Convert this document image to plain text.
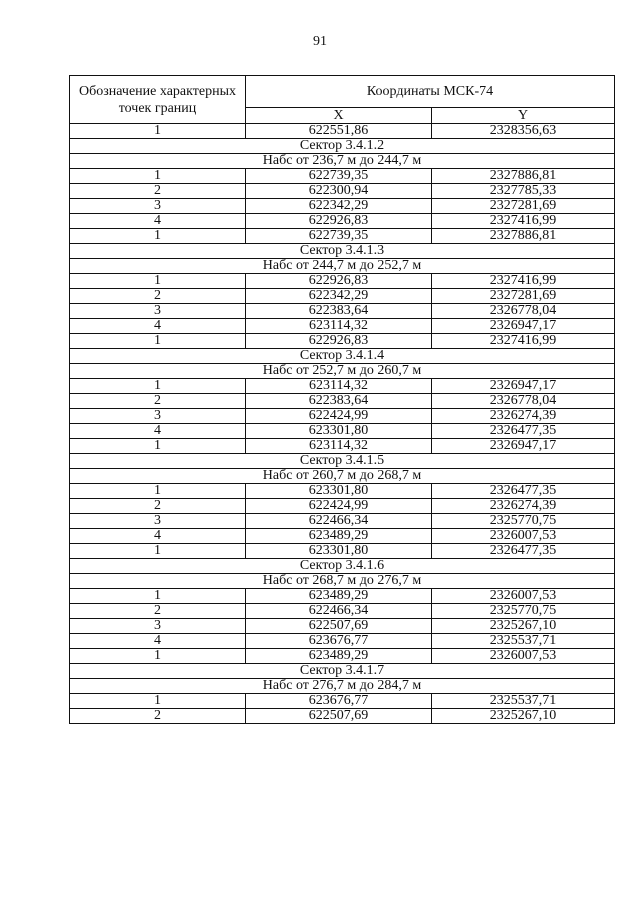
91
Обозначение характерных точек границ	Координаты МСК-74	
	X	Y
1	622551,86	2328356,63
Сектор 3.4.1.2		
Набс от 236,7 м до 244,7 м		
1	622739,35	2327886,81
2	622300,94	2327785,33
3	622342,29	2327281,69
4	622926,83	2327416,99
1	622739,35	2327886,81
Сектор 3.4.1.3		
Набс от 244,7 м до 252,7 м		
1	622926,83	2327416,99
2	622342,29	2327281,69
3	622383,64	2326778,04
4	623114,32	2326947,17
1	622926,83	2327416,99
Сектор 3.4.1.4		
Набс от 252,7 м до 260,7 м		
1	623114,32	2326947,17
2	622383,64	2326778,04
3	622424,99	2326274,39
4	623301,80	2326477,35
1	623114,32	2326947,17
Сектор 3.4.1.5		
Набс от 260,7 м до 268,7 м		
1	623301,80	2326477,35
2	622424,99	2326274,39
3	622466,34	2325770,75
4	623489,29	2326007,53
1	623301,80	2326477,35
Сектор 3.4.1.6		
Набс от 268,7 м до 276,7 м		
1	623489,29	2326007,53
2	622466,34	2325770,75
3	622507,69	2325267,10
4	623676,77	2325537,71
1	623489,29	2326007,53
Сектор 3.4.1.7		
Набс от 276,7 м до 284,7 м		
1	623676,77	2325537,71
2	622507,69	2325267,10
